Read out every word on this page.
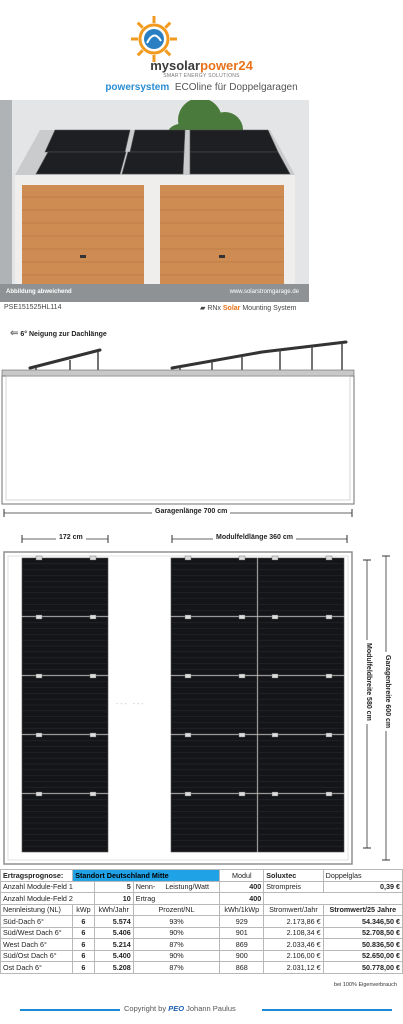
mysolarpower24
SMART ENERGY SOLUTIONS
powersystem ECOline für Doppelgaragen
Abbildung abweichend	www.solarstromgarage.de
PSE151525HL114	▰ RNx Solar Mounting System
⇐ 6° Neigung zur Dachlänge
Garagenlänge 700 cm
172 cm	Modulfeldlänge 360 cm
- - -   - - -	Modulfeldbreite 580 cm Garagenbreite 600 cm
Ertragsprognose:	Standort Deutschland Mitte			Modul	Soluxtec	Doppelglas
Anzahl Module-Feld 1		5	Nenn- Leistung/Watt	400	Strompreis	0,39 €
Anzahl Module-Feld 2		10	Ertrag	400		
Nennleistung (NL)	kWp	kWh/Jahr	Prozent/NL	kWh/1kWp	Stromwert/Jahr	Stromwert/25 Jahre
Süd-Dach 6°	6	5.574	93%	929	2.173,86 €	54.346,50 €
Süd/West Dach 6°	6	5.406	90%	901	2.108,34 €	52.708,50 €
West Dach 6°	6	5.214	87%	869	2.033,46 €	50.836,50 €
Süd/Ost Dach 6°	6	5.400	90%	900	2.106,00 €	52.650,00 €
Ost Dach 6°	6	5.208	87%	868	2.031,12 €	50.778,00 €
bei 100% Eigenverbrauch
Copyright by PEO Johann Paulus
